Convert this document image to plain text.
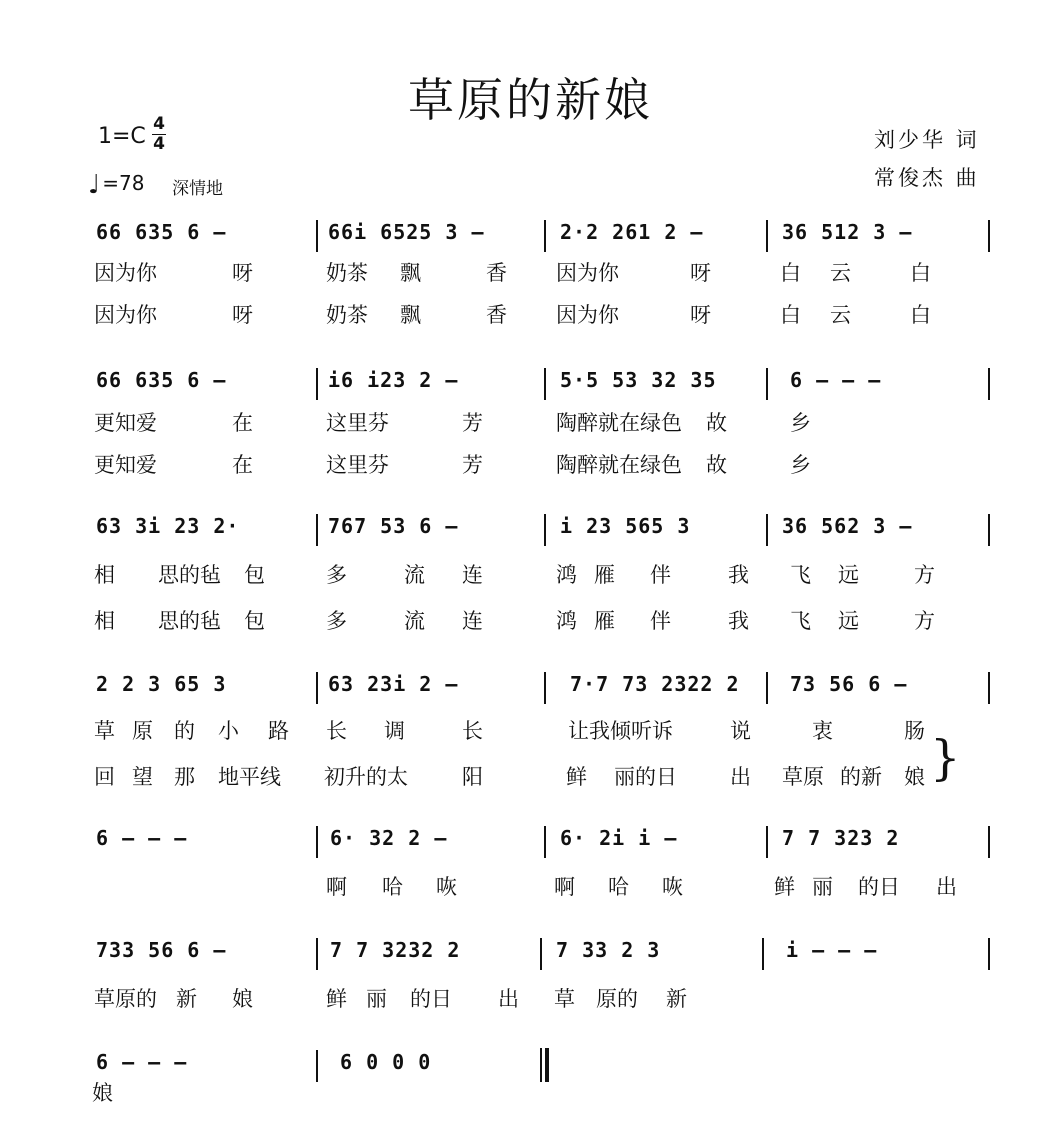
草原的新娘
1=C 4
4
♩ =78 深情地
刘少华 词
常俊杰 曲
66 635 6 –	66i 6525 3 –	2·2 261 2 –	36 512 3 –
因为你	呀	奶茶 飘	香 因为你	呀	白 云	白
因为你	呀	奶茶 飘	香 因为你	呀	白 云	白
66 635 6 –	i6 i23 2 –	5·5 53 32 35	6 – – –
更知爱	在	这里芬	芳	陶醉就在绿色 故	乡
更知爱	在	这里芬	芳	陶醉就在绿色 故	乡
63 3i 23 2·	767 53 6 –	i 23 565 3	36 562 3 –
相 思的毡 包	多	流 连	鸿 雁 伴	我 飞 远	方
相 思的毡 包	多	流 连	鸿 雁 伴	我 飞 远	方
2 2 3 65 3	63 23i 2 –	7·7 73 2322 2	73 56 6 –
草 原 的 小 路 长 调	长	让我倾听诉	说	衷	肠
回 望 那 地平线 初升的太	阳	鲜 丽的日	出 草原 的新 娘 }
6 – – –	6· 32 2 –	6· 2i i –	7 7 323 2
啊 哈 咴	啊 哈 咴	鲜 丽 的日 出
733 56 6 –	7 7 3232 2	7 33 2 3	i – – –
草原的 新 娘	鲜 丽 的日 出 草 原的 新
6 – – –	6 0 0 0
娘
